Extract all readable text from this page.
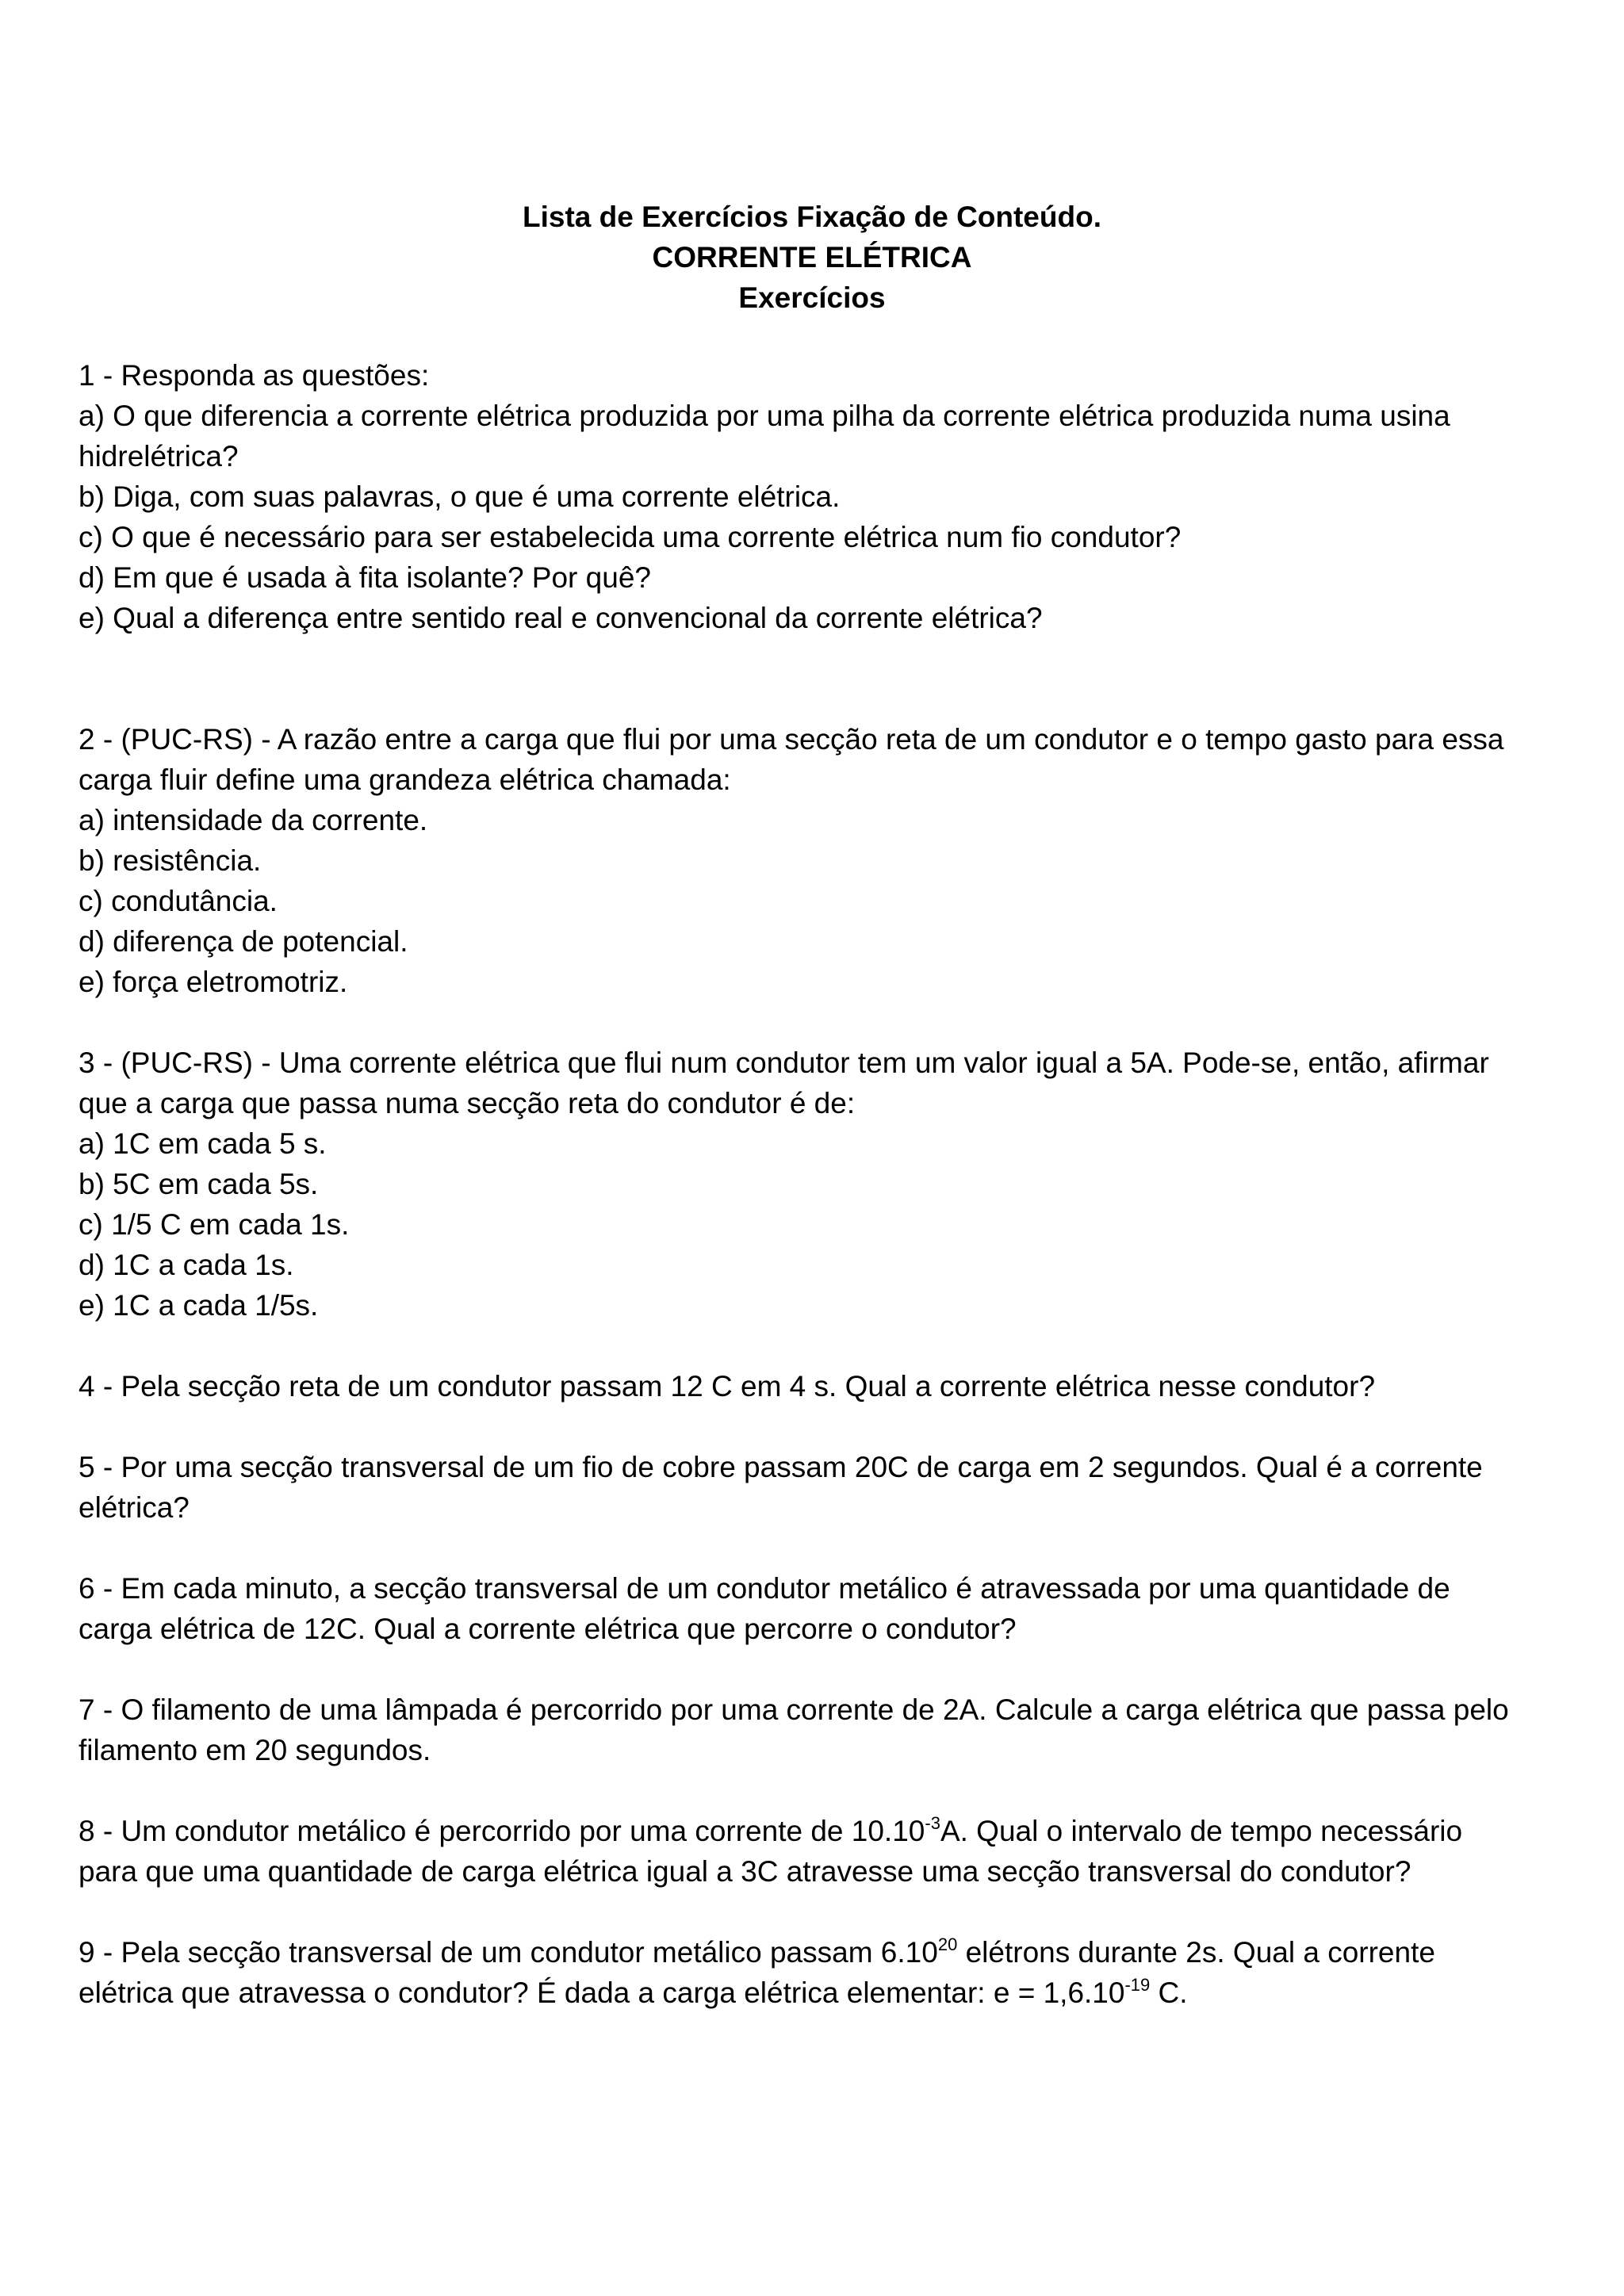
Lista de Exercícios Fixação de Conteúdo.
CORRENTE ELÉTRICA
Exercícios
1 - Responda as questões:
a) O que diferencia a corrente elétrica produzida por uma pilha da corrente elétrica produzida numa usina
hidrelétrica?
b) Diga, com suas palavras, o que é uma corrente elétrica.
c) O que é necessário para ser estabelecida uma corrente elétrica num fio condutor?
d) Em que é usada à fita isolante? Por quê?
e) Qual a diferença entre sentido real e convencional da corrente elétrica?
2 - (PUC-RS) - A razão entre a carga que flui por uma secção reta de um condutor e o tempo gasto para essa
carga fluir define uma grandeza elétrica chamada:
a) intensidade da corrente.
b) resistência.
c) condutância.
d) diferença de potencial.
e) força eletromotriz.
3 - (PUC-RS) - Uma corrente elétrica que flui num condutor tem um valor igual a 5A. Pode-se, então, afirmar
que a carga que passa numa secção reta do condutor é de:
a) 1C em cada 5 s.
b) 5C em cada 5s.
c) 1/5 C em cada 1s.
d) 1C a cada 1s.
e) 1C a cada 1/5s.
4 - Pela secção reta de um condutor passam 12 C em 4 s. Qual a corrente elétrica nesse condutor?
5 - Por uma secção transversal de um fio de cobre passam 20C de carga em 2 segundos. Qual é a corrente
elétrica?
6 - Em cada minuto, a secção transversal de um condutor metálico é atravessada por uma quantidade de
carga elétrica de 12C. Qual a corrente elétrica que percorre o condutor?
7 - O filamento de uma lâmpada é percorrido por uma corrente de 2A. Calcule a carga elétrica que passa pelo
filamento em 20 segundos.
8 - Um condutor metálico é percorrido por uma corrente de $10.10^{-3}A$. Qual o intervalo de tempo necessário
para que uma quantidade de carga elétrica igual a 3C atravesse uma secção transversal do condutor?
9 - Pela secção transversal de um condutor metálico passam 6.10$^{20}$ elétrons durante 2s. Qual a corrente
elétrica que atravessa o condutor? É dada a carga elétrica elementar: $e = 1,6.10^{-19}$ C.
